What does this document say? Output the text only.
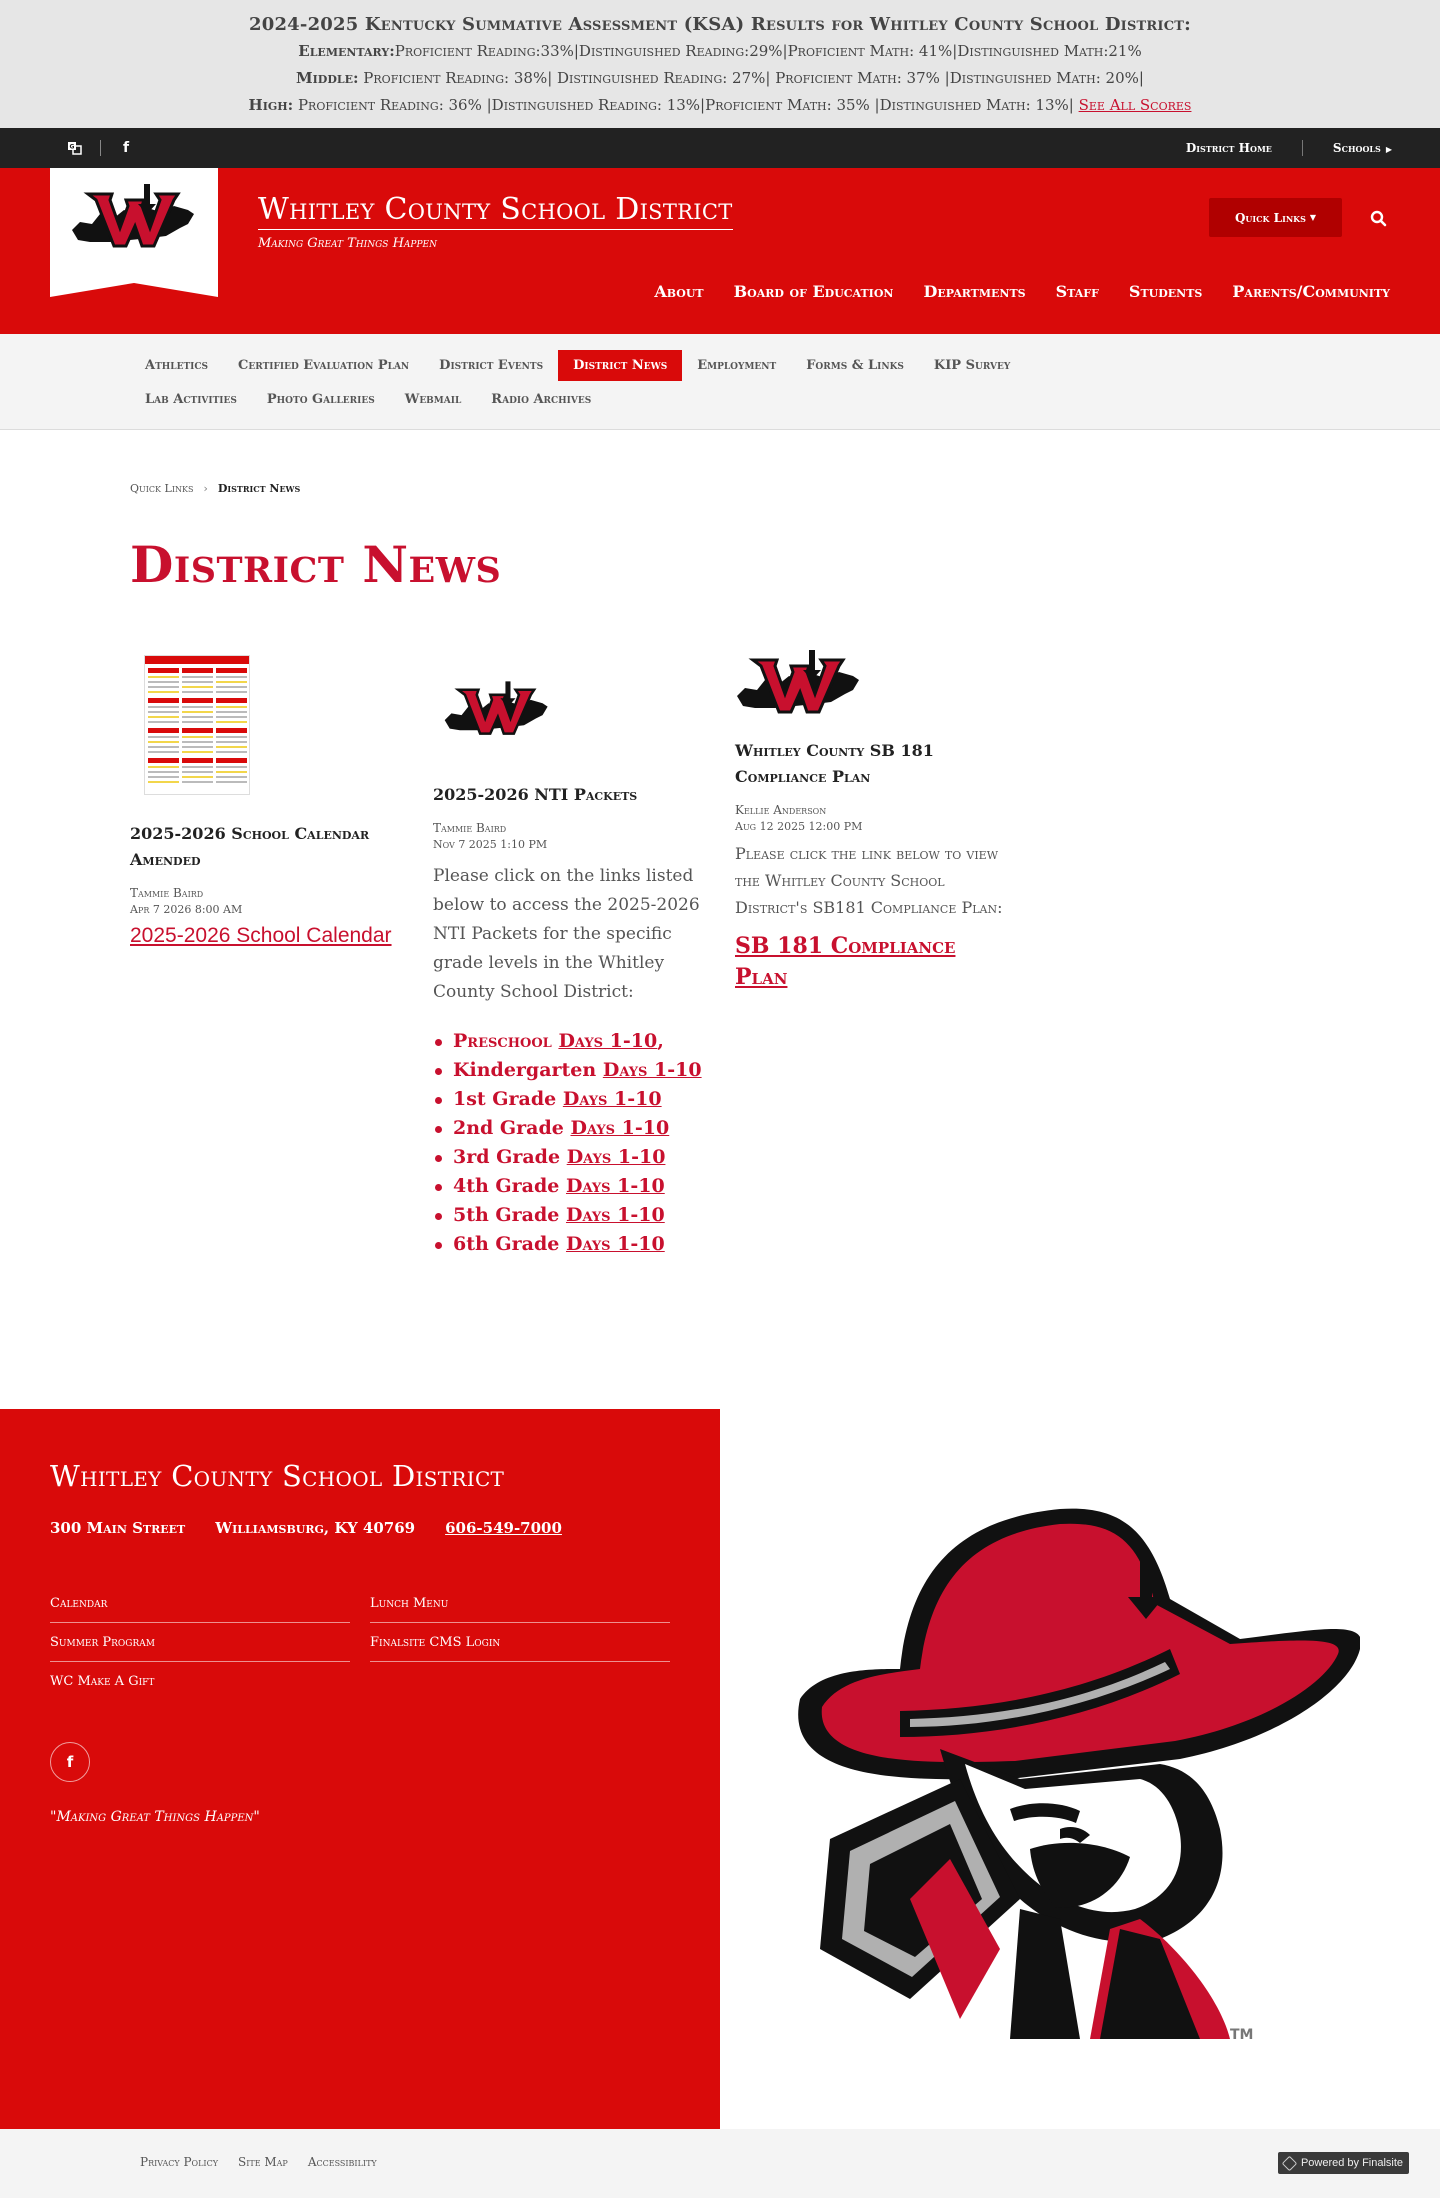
2024-2025 Kentucky Summative Assessment (KSA) Results for Whitley County School District:
Elementary:Proficient Reading:33%|Distinguished Reading:29%|Proficient Math: 41%|Distinguished Math:21%
Middle: Proficient Reading: 38%| Distinguished Reading: 27%| Proficient Math: 37% |Distinguished Math: 20%|
High: Proficient Reading: 36% |Distinguished Reading: 13%|Proficient Math: 35% |Distinguished Math: 13%| See All Scores
G	f	District Home	Schools ▶
Whitley County School District
Making Great Things Happen
Quick Links ▼
About Board of Education Departments Staff Students Parents/Community
Athletics	Certified Evaluation Plan	District Events	District News	Employment	Forms & Links	KIP Survey
Lab Activities	Photo Galleries	Webmail	Radio Archives
Quick Links › District News
District News
2025-2026 School Calendar Amended
Tammie Baird
Apr 7 2026 8:00 AM
2025-2026 School Calendar
2025-2026 NTI Packets
Tammie Baird
Nov 7 2025 1:10 PM
Please click on the links listed below to access the 2025-2026 NTI Packets for the specific grade levels in the Whitley County School District:
Preschool Days 1-10,
Kindergarten Days 1-10
1st Grade Days 1-10
2nd Grade Days 1-10
3rd Grade Days 1-10
4th Grade Days 1-10
5th Grade Days 1-10
6th Grade Days 1-10
Whitley County SB 181 Compliance Plan
Kellie Anderson
Aug 12 2025 12:00 PM
Please click the link below to view the Whitley County School District's SB181 Compliance Plan:
SB 181 Compliance Plan
Whitley County School District
300 Main Street Williamsburg, KY 40769 606-549-7000
Calendar	Lunch Menu
Summer Program	Finalsite CMS Login
WC Make A Gift
f
"Making Great Things Happen"
TM
Privacy Policy Site Map Accessibility	Powered by Finalsite
